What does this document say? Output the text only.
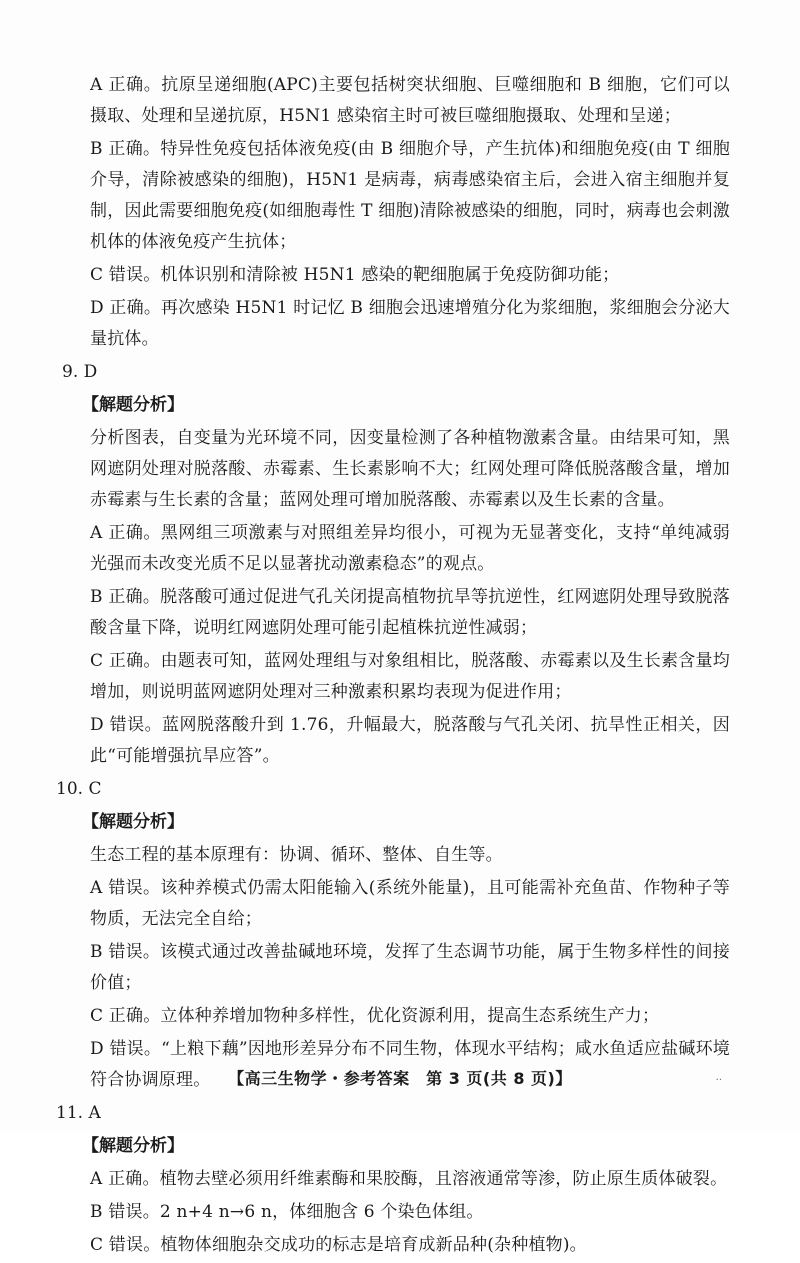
A 正确。抗原呈递细胞(APC)主要包括树突状细胞、巨噬细胞和 B 细胞，它们可以摄取、处理和呈递抗原，H5N1 感染宿主时可被巨噬细胞摄取、处理和呈递；

B 正确。特异性免疫包括体液免疫(由 B 细胞介导，产生抗体)和细胞免疫(由 T 细胞介导，清除被感染的细胞)，H5N1 是病毒，病毒感染宿主后，会进入宿主细胞并复制，因此需要细胞免疫(如细胞毒性 T 细胞)清除被感染的细胞，同时，病毒也会刺激机体的体液免疫产生抗体；

C 错误。机体识别和清除被 H5N1 感染的靶细胞属于免疫防御功能；

D 正确。再次感染 H5N1 时记忆 B 细胞会迅速增殖分化为浆细胞，浆细胞会分泌大量抗体。

9. D

【解题分析】

分析图表，自变量为光环境不同，因变量检测了各种植物激素含量。由结果可知，黑网遮阴处理对脱落酸、赤霉素、生长素影响不大；红网处理可降低脱落酸含量，增加赤霉素与生长素的含量；蓝网处理可增加脱落酸、赤霉素以及生长素的含量。

A 正确。黑网组三项激素与对照组差异均很小，可视为无显著变化，支持“单纯减弱光强而未改变光质不足以显著扰动激素稳态”的观点。

B 正确。脱落酸可通过促进气孔关闭提高植物抗旱等抗逆性，红网遮阴处理导致脱落酸含量下降，说明红网遮阴处理可能引起植株抗逆性减弱；

C 正确。由题表可知，蓝网处理组与对象组相比，脱落酸、赤霉素以及生长素含量均增加，则说明蓝网遮阴处理对三种激素积累均表现为促进作用；

D 错误。蓝网脱落酸升到 1.76，升幅最大，脱落酸与气孔关闭、抗旱性正相关，因此“可能增强抗旱应答”。

10. C

【解题分析】

生态工程的基本原理有：协调、循环、整体、自生等。

A 错误。该种养模式仍需太阳能输入(系统外能量)，且可能需补充鱼苗、作物种子等物质，无法完全自给；

B 错误。该模式通过改善盐碱地环境，发挥了生态调节功能，属于生物多样性的间接价值；

C 正确。立体种养增加物种多样性，优化资源利用，提高生态系统生产力；

D 错误。“上粮下藕”因地形差异分布不同生物，体现水平结构；咸水鱼适应盐碱环境符合协调原理。

11. A

【解题分析】

A 正确。植物去壁必须用纤维素酶和果胶酶，且溶液通常等渗，防止原生质体破裂。

B 错误。2 n+4 n→6 n，体细胞含 6 个染色体组。

C 错误。植物体细胞杂交成功的标志是培育成新品种(杂种植物)。

【高三生物学・参考答案　第 3 页(共 8 页)】	..
